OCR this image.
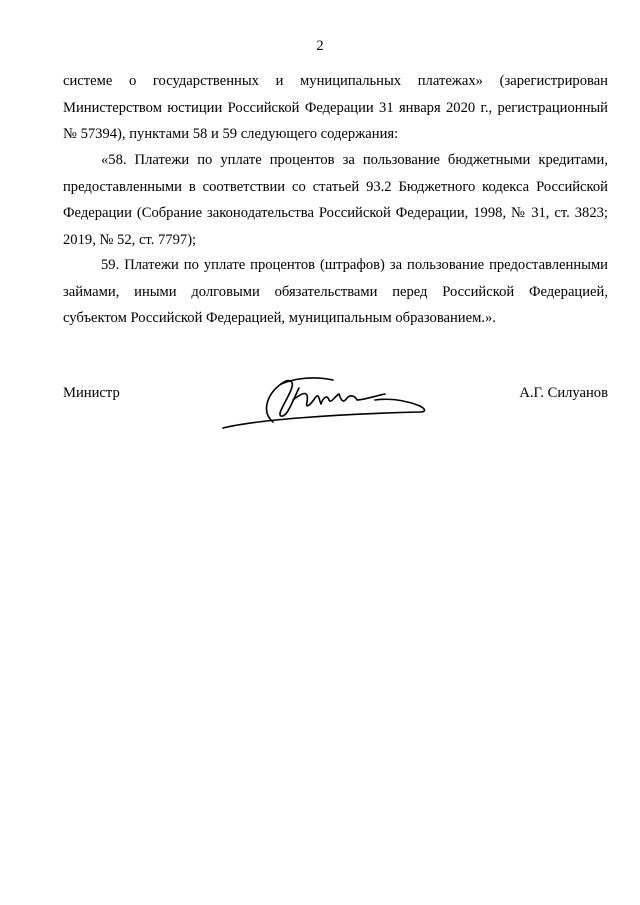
2

системе о государственных и муниципальных платежах» (зарегистрирован
Министерством юстиции Российской Федерации 31 января 2020 г., регистрационный
№ 57394), пунктами 58 и 59 следующего содержания:

«58. Платежи по уплате процентов за пользование бюджетными кредитами,
предоставленными в соответствии со статьей 93.2 Бюджетного кодекса Российской
Федерации (Собрание законодательства Российской Федерации, 1998, № 31, ст. 3823;
2019, № 52, ст. 7797);

59. Платежи по уплате процентов (штрафов) за пользование предоставленными
займами, иными долговыми обязательствами перед Российской Федерацией,
субъектом Российской Федерацией, муниципальным образованием.».

Министр	А.Г. Силуанов
